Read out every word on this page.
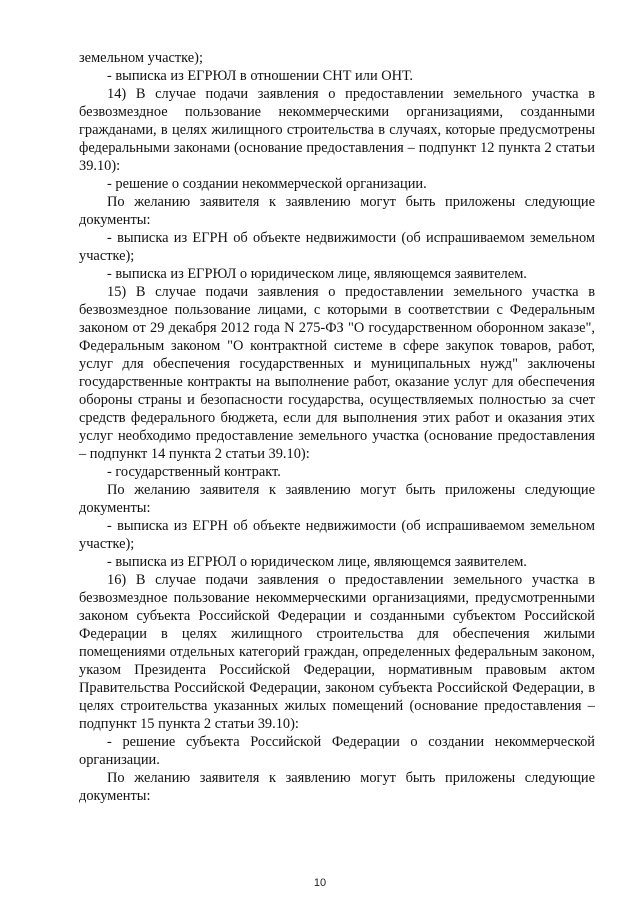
земельном участке);

- выписка из ЕГРЮЛ в отношении СНТ или ОНТ.

14) В случае подачи заявления о предоставлении земельного участка в безвозмездное пользование некоммерческими организациями, созданными гражданами, в целях жилищного строительства в случаях, которые предусмотрены федеральными законами (основание предоставления – подпункт 12 пункта 2 статьи 39.10):

- решение о создании некоммерческой организации.

По желанию заявителя к заявлению могут быть приложены следующие документы:

- выписка из ЕГРН об объекте недвижимости (об испрашиваемом земельном участке);

- выписка из ЕГРЮЛ о юридическом лице, являющемся заявителем.

15) В случае подачи заявления о предоставлении земельного участка в безвозмездное пользование лицами, с которыми в соответствии с Федеральным законом от 29 декабря 2012 года N 275-ФЗ "О государственном оборонном заказе", Федеральным законом "О контрактной системе в сфере закупок товаров, работ, услуг для обеспечения государственных и муниципальных нужд" заключены государственные контракты на выполнение работ, оказание услуг для обеспечения обороны страны и безопасности государства, осуществляемых полностью за счет средств федерального бюджета, если для выполнения этих работ и оказания этих услуг необходимо предоставление земельного участка (основание предоставления – подпункт 14 пункта 2 статьи 39.10):

- государственный контракт.

По желанию заявителя к заявлению могут быть приложены следующие документы:

- выписка из ЕГРН об объекте недвижимости (об испрашиваемом земельном участке);

- выписка из ЕГРЮЛ о юридическом лице, являющемся заявителем.

16) В случае подачи заявления о предоставлении земельного участка в безвозмездное пользование некоммерческими организациями, предусмотренными законом субъекта Российской Федерации и созданными субъектом Российской Федерации в целях жилищного строительства для обеспечения жилыми помещениями отдельных категорий граждан, определенных федеральным законом, указом Президента Российской Федерации, нормативным правовым актом Правительства Российской Федерации, законом субъекта Российской Федерации, в целях строительства указанных жилых помещений (основание предоставления – подпункт 15 пункта 2 статьи 39.10):

- решение субъекта Российской Федерации о создании некоммерческой организации.

По желанию заявителя к заявлению могут быть приложены следующие документы:

10
